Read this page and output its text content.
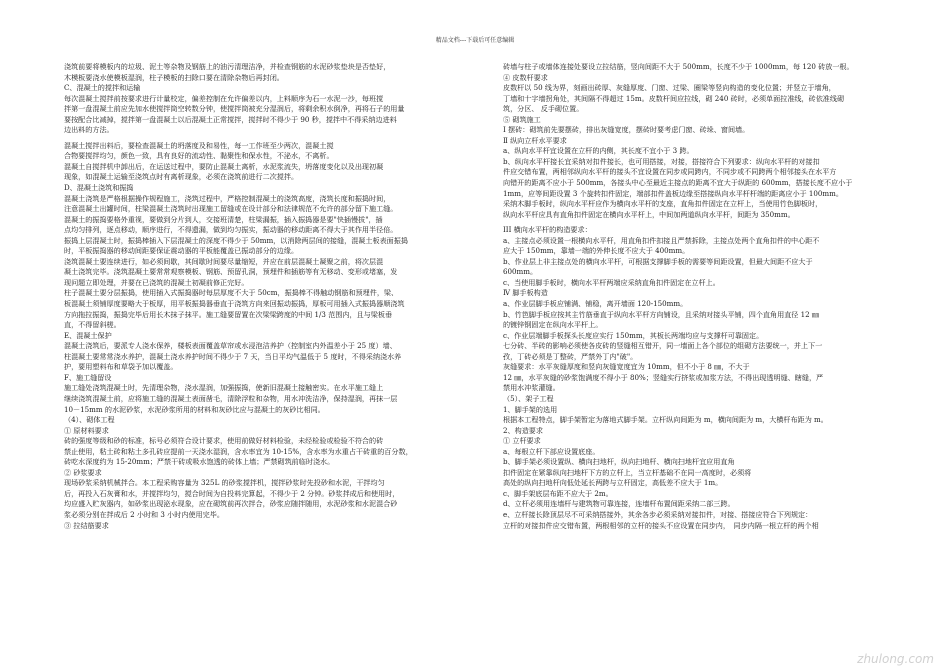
精品文档---下载后可任意编辑

浇筑前要将模板内的垃圾、泥土等杂物及钢筋上的油污清理洁净，并检查钢筋的水泥砂浆垫块是否垫好，

木模板要浇水使模板湿润，柱子模板的扫除口要在清除杂物后再封闭。

C、混凝土的搅拌和运输

每次混凝土搅拌前按要求进行计量校定，偏差控制在允许偏差以内，上料顺序为石一水泥一沙，每班搅

拌第一盘混凝土前应先加水使搅拌筒空转数分钟，使搅拌筒被充分湿润后，将剩余积水倒净，再将石子的用量

要按配合比减掉，搅拌第一盘混凝土以后混凝土正常搅拌，搅拌时不得少于 90 秒，搅拌中不得采纳边进料

边出料的方法。

混凝土搅拌出料后，要检查混凝土的坍落度及和易性，每一工作班至少两次，混凝土搅

合物要搅拌均匀，颜色一致，具有良好的流动性、黏聚性和保水性，不泌水，不离析。

混凝土自搅拌机中卸出后，在运送过程中，要防止混凝土离析，水泥浆流失，坍落度变化以及出现初凝

现象，如混凝土运输至浇筑点时有离析现象，必须在浇筑前进行二次搅拌。

D、混凝土浇筑和振捣

混凝土浇筑是严格根据操作规程施工，浇筑过程中，严格控制混凝土的浇筑高度，浇筑长度和振捣时间，

注意混凝土出罐时间，柱梁混凝土浇筑时出现施工留缝或在设计部分和法律规范不允许的部分留下施工缝。

混凝土的振捣要格外重视，要做到分片到人，交接班清楚，柱梁漏振，插入振捣器是要"快插慢拔"，插

点均匀排列，逐点移动，顺序进行，不得遗漏，做到均匀振实，振动器的移动距离不得大于其作用半径倍。

振捣上层混凝土时，振捣棒插入下层混凝土的深度不得少于 50mm，以消除两层间的接缝，混凝土板表面振捣

时，平板振捣器的移动间距要保证震动器的平板能覆盖已振动部分的边缘。

浇筑混凝土要连续进行，如必须间歇，其间歇时间要尽量缩短，并应在前层混凝土凝聚之前，将次层混

凝土浇筑完毕。浇筑混凝土要常常观察模板、钢筋、预留孔洞，预埋件和插筋等有无移动、变形或堵塞，发

现问题立即处理，并要在已浇筑的混凝土初凝前修正完好。

柱子混凝土要分层振捣，使用插入式振捣器时每层厚度不大于 50cm，振捣棒不得触动钢筋和预埋件，梁、

板混凝土须铺厚度要略大于板厚，用平板振捣器垂直于浇筑方向来回振动振捣，厚板可用插入式振捣器顺浇筑

方向拖拉振捣，振捣完毕后用长木抹子抹平。施工缝要留置在次梁梁跨度的中间 1/3 范围内，且与梁板垂

直，不得留斜槎。

E、混凝土保护

混凝土浇筑后，要派专人浇水保养，楼板表面覆盖草帘或水浸泡洁养护（控制室内外温差小于 25 度）墙、

柱混凝土要常常浇水养护，混凝土浇水养护时间不得少于 7 天，当日平均气温低于 5 度时，不得采纳浇水养

护，要用塑料布和草袋予加以覆盖。

F、施工缝留设

施工缝处浇筑混凝土时，先清理杂物，浇水湿润，加强振捣，使新旧混凝土接触密实。在水平施工缝上

继续浇筑混凝土前，应将施工缝的混凝土表面凿毛，清除浮粒和杂物，用水冲洗洁净，保持湿润，再抹一层

10－15mm 的水泥砂浆，水泥砂浆所用的材料和灰砂比应与混凝土的灰砂比相同。

（4）、砌体工程

① 原材料要求

砖的强度等级和砂的标准，标号必须符合设计要求，使用前做好材料检验，未经检验或检验不符合的砖

禁止使用，粘土砖和粘土多孔砖应提前一天浇水湿润，含水率宜为 10-15%，含水率为水重占干砖重的百分数，

砖吃水深度约为 15-20mm；严禁干砖或吸水饱透的砖体上墙；严禁砌筑前临时浇水。

② 砂浆要求

现场砂浆采纳机械拌合。本工程采购容量为 325L 的砂浆搅拌机，搅拌砂浆时先投砂和水泥，干拌均匀

后，再投入石灰膏和水，并搅拌均匀，搅合时间为自投料完算起，不得少于 2 分钟。砂浆拌成后和使用时，

均应盛入贮灰器内，如砂浆出现泌水现象，应在砌筑前再次拌合，砂浆应随拌随用，水泥砂浆和水泥混合砂

浆必须分别在拌成后 2 小时和 3 小时内使用完毕。

③ 拉结筋要求

砖墙与柱子或墙体连接处要设立拉结筋，竖向间距不大于 500mm，长度不少于 1000mm，每 120 砖放一根。

④ 皮数杆要求

皮数杆以 50 线为界，刻画出砖厚、灰缝厚度、门窗、过梁、圈梁等竖向构造的变化位置；并竖立于墙角，

丁墙和十字墙拐角处，其间隔不得超过 15m。皮数杆间应拉线，砌 240 砖时，必须单面拉准线，砖依准线砌

筑，分区、 反手砌位置。

⑤ 砌筑施工

Ⅰ 摆砖：砌筑前先要摆砖，排出灰缝宽度，摆砖时要考虑门窗、砖垛、窗间墙。

Ⅱ 纵向立杆水平要求

a、纵向水平杆宜设置在立杆的内侧，其长度不宜小于 3 跨。

b、纵向水平杆接长宜采纳对扣件接长，也可用搭接，对接，搭接符合下列要求：纵向水平杆的对接扣

件应交错布置，两相邻纵向水平杆的接头不宜设置在同步或同跨内，不同步或不同跨两个相邻接头在水平方

向错开的距离不应小于 500mm，各接头中心至最近主接点的距离不宜大于纵距的 600mm，搭接长度不应小于

1mm，应等间距设置 3 个旋转扣件固定，端部扣件盖板边缘至搭接纵向水平杆杆端的距离应小于 100mm。

采纳木脚手板时，纵向水平杆应作为横向水平杆的支座，直角扣件固定在立杆上，当使用竹色脚板时，

纵向水平杆应具有直角扣件固定在横向水平杆上，中间加两道纵向水平杆，间距为 350mm。

III 横向水平杆的构造要求：

a、主接点必须设置一根横向水平杆，用直角扣件扣接且严禁拆除，主接点处两个直角扣件的中心距不

应大于 150mm，靠墙一端的外伸长度不应大于 400mm。

b、作业层上非主接点处的横向水平杆，可根据支撑脚手板的需要等间距设置，但最大间距不应大于

600mm。

c、当使用脚手板时，横向水平杆两端应采纳直角扣件固定在立杆上。

Ⅳ 脚手板构造

a、作业层脚手板应铺满、铺稳，离开墙面 120-150mm。

b、竹笆脚手板应按其主竹筋垂直于纵向水平杆方向铺设，且采纳对接头平铺，四个直角用直径 12 ㎜

的镀锌钢固定在纵向水平杆上。

c、作业层端脚手板探头长度应实行 150mm，其板长两端均应与支撑杆可靠固定。

七分砖、半砖的影响必须使各皮砖的竖缝相互错开，同一墙面上各个部位的组砌方法要统一，并上下一

孜，丁砖必须是丁整砖，严禁外丁内"破"。

灰缝要求：水平灰缝厚度和竖向灰缝宽度宜为 10mm，但不小于 8 ㎜，不大于

12 ㎜，水平灰缝的砂浆饱满度不得小于 80%；竖缝实行挤浆或加浆方法，不得出现透明缝、瞎缝，严

禁用水冲浆灌缝。

（5）、架子工程

1、脚手架的选用

根据本工程特点，脚手架暂定为落地式脚手架。立杆纵向间距为 m，横向间距为 m，大横杆布距为 m。

2、构造要求

① 立杆要求

a、每根立杆下部应设置底座。

b、脚手架必须设置纵、横向扫地杆，纵向扫地杆、横向扫地杆宜应用直角

扣件固定在紧靠纵向扫地杆下方的立杆上，当立杆基础不在同一高度时，必须将

高处的纵向扫地杆向低处延长两跨与立杆固定，高低差不应大于 1m。

c、脚手架底层布距不应大于 2m。

d、立杆必须用连墙杆与建筑物可靠连接，连墙杆布置间距采纳二部三跨。

e、立杆接长除顶层尽不可采纳搭接外，其余各步必须采纳对接扣件，对接、搭接应符合下列规定：

立杆的对接扣件应交错布置，两根相邻的立杆的接头不应设置在同步内，　同步内隔一根立杆的两个相

zhulong.com
